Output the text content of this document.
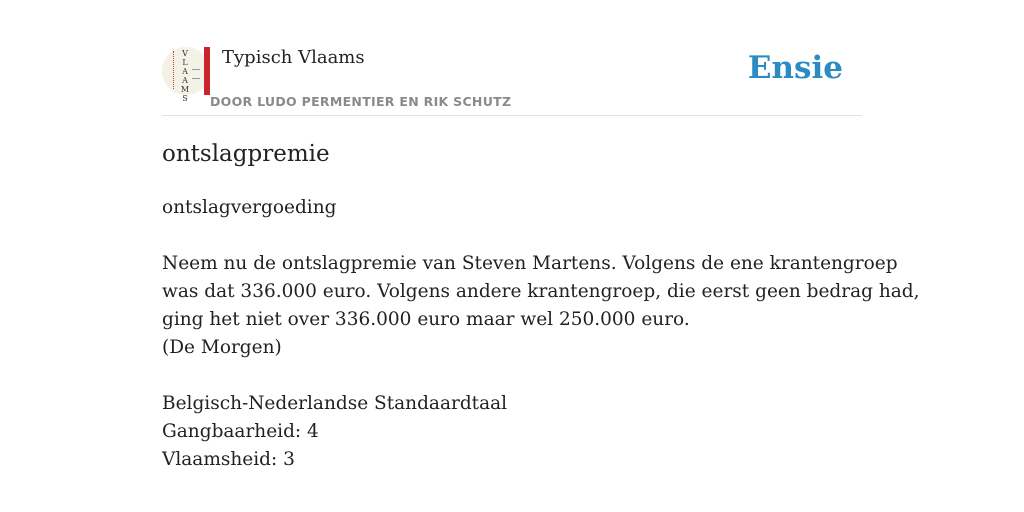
V
L
A
A
M
S
Typisch Vlaams
DOOR LUDO PERMENTIER EN RIK SCHUTZ
Ensie
ontslagpremie
ontslagvergoeding
Neem nu de ontslagpremie van Steven Martens. Volgens de ene krantengroep
was dat 336.000 euro. Volgens andere krantengroep, die eerst geen bedrag had,
ging het niet over 336.000 euro maar wel 250.000 euro.
(De Morgen)
Belgisch-Nederlandse Standaardtaal
Gangbaarheid: 4
Vlaamsheid: 3
